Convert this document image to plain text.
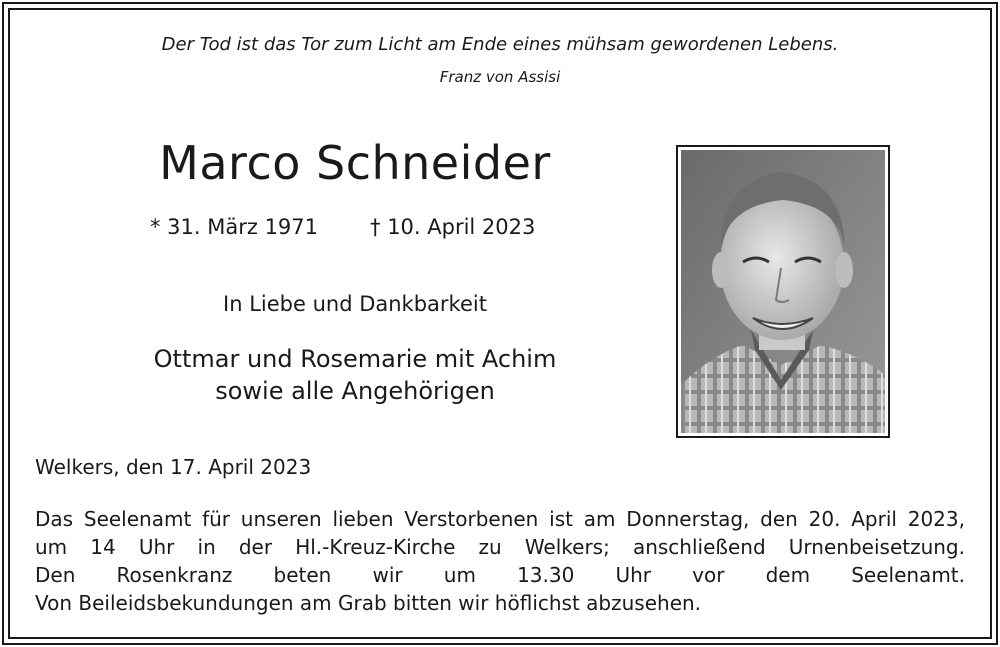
Der Tod ist das Tor zum Licht am Ende eines mühsam gewordenen Lebens.
Franz von Assisi
Marco Schneider
* 31. März 1971 † 10. April 2023
In Liebe und Dankbarkeit
Ottmar und Rosemarie mit Achim
sowie alle Angehörigen
Welkers, den 17. April 2023
Das Seelenamt für unseren lieben Verstorbenen ist am Donnerstag, den 20. April 2023,
um 14 Uhr in der Hl.-Kreuz-Kirche zu Welkers; anschließend Urnenbeisetzung.
Den Rosenkranz beten wir um 13.30 Uhr vor dem Seelenamt.
Von Beileidsbekundungen am Grab bitten wir höflichst abzusehen.
